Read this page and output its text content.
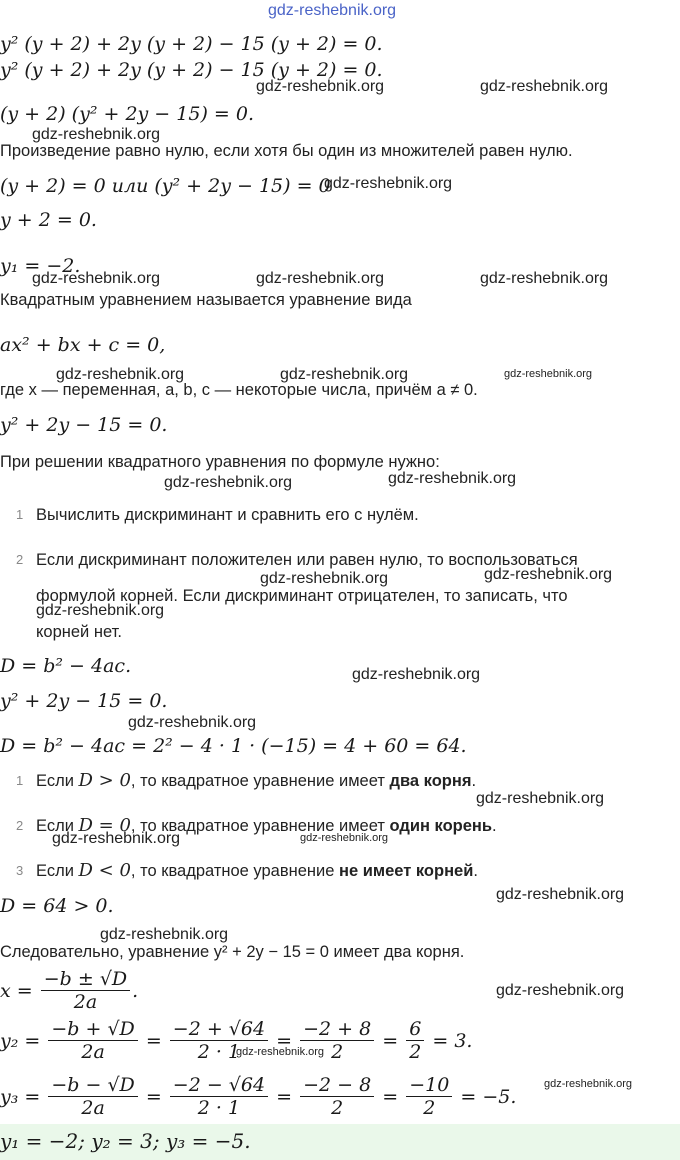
gdz-reshebnik.org
gdz-reshebnik.org	gdz-reshebnik.org
gdz-reshebnik.org
gdz-reshebnik.org
gdz-reshebnik.org	gdz-reshebnik.org	gdz-reshebnik.org
gdz-reshebnik.org	gdz-reshebnik.org	gdz-reshebnik.org
gdz-reshebnik.org	gdz-reshebnik.org
gdz-reshebnik.org	gdz-reshebnik.org
gdz-reshebnik.org
gdz-reshebnik.org
gdz-reshebnik.org
gdz-reshebnik.org
gdz-reshebnik.org	gdz-reshebnik.org
gdz-reshebnik.org
gdz-reshebnik.org
gdz-reshebnik.org
gdz-reshebnik.org
gdz-reshebnik.org
y² (y + 2) + 2y (y + 2) − 15 (y + 2) = 0.
y² (y + 2) + 2y (y + 2) − 15 (y + 2) = 0.
(y + 2) (y² + 2y − 15) = 0.
Произведение равно нулю, если хотя бы один из множителей равен нулю.
(y + 2) = 0 или (y² + 2y − 15) = 0
y + 2 = 0.
y₁ = −2.
Квадратным уравнением называется уравнение вида
ax² + bx + c = 0,
где x — переменная, a, b, c — некоторые числа, причём a ≠ 0.
y² + 2y − 15 = 0.
При решении квадратного уравнения по формуле нужно:
1 Вычислить дискриминант и сравнить его с нулём.
2 Если дискриминант положителен или равен нулю, то воспользоваться
формулой корней. Если дискриминант отрицателен, то записать, что
корней нет.
D = b² − 4ac.
y² + 2y − 15 = 0.
D = b² − 4ac = 2² − 4 · 1 · (−15) = 4 + 60 = 64.
1 Если D > 0, то квадратное уравнение имеет два корня.
2 Если D = 0, то квадратное уравнение имеет один корень.
3 Если D < 0, то квадратное уравнение не имеет корней.
D = 64 > 0.
Следовательно, уравнение y² + 2y − 15 = 0 имеет два корня.
$x = \frac{-b \pm √D}{2a}$ .
$y_2 = \frac{-b + √D}{2a} = \frac{-2 + √64}{2 \cdot 1} = \frac{-2 + 8}{2} = \frac{6}{2} = 3$.
$y_3 = \frac{-b - √D}{2a} = \frac{-2 - √64}{2 \cdot 1} = \frac{-2 - 8}{2} = \frac{-10}{2} = -5$.
y₁ = −2; y₂ = 3; y₃ = −5.
